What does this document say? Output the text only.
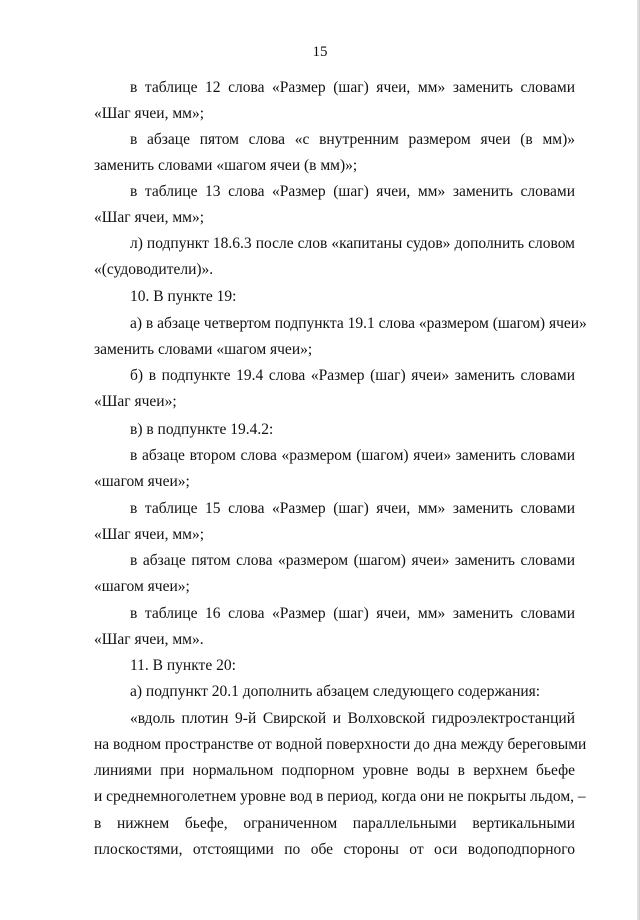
15
в таблице 12 слова «Размер (шаг) ячеи, мм» заменить словами
«Шаг ячеи, мм»;
в абзаце пятом слова «с внутренним размером ячеи (в мм)»
заменить словами «шагом ячеи (в мм)»;
в таблице 13 слова «Размер (шаг) ячеи, мм» заменить словами
«Шаг ячеи, мм»;
л) подпункт 18.6.3 после слов «капитаны судов» дополнить словом
«(судоводители)».
10. В пункте 19:
а) в абзаце четвертом подпункта 19.1 слова «размером (шагом) ячеи»
заменить словами «шагом ячеи»;
б) в подпункте 19.4 слова «Размер (шаг) ячеи» заменить словами
«Шаг ячеи»;
в) в подпункте 19.4.2:
в абзаце втором слова «размером (шагом) ячеи» заменить словами
«шагом ячеи»;
в таблице 15 слова «Размер (шаг) ячеи, мм» заменить словами
«Шаг ячеи, мм»;
в абзаце пятом слова «размером (шагом) ячеи» заменить словами
«шагом ячеи»;
в таблице 16 слова «Размер (шаг) ячеи, мм» заменить словами
«Шаг ячеи, мм».
11. В пункте 20:
а) подпункт 20.1 дополнить абзацем следующего содержания:
«вдоль плотин 9-й Свирской и Волховской гидроэлектростанций
на водном пространстве от водной поверхности до дна между береговыми
линиями при нормальном подпорном уровне воды в верхнем бьефе
и среднемноголетнем уровне вод в период, когда они не покрыты льдом, –
в нижнем бьефе, ограниченном параллельными вертикальными
плоскостями, отстоящими по обе стороны от оси водоподпорного
